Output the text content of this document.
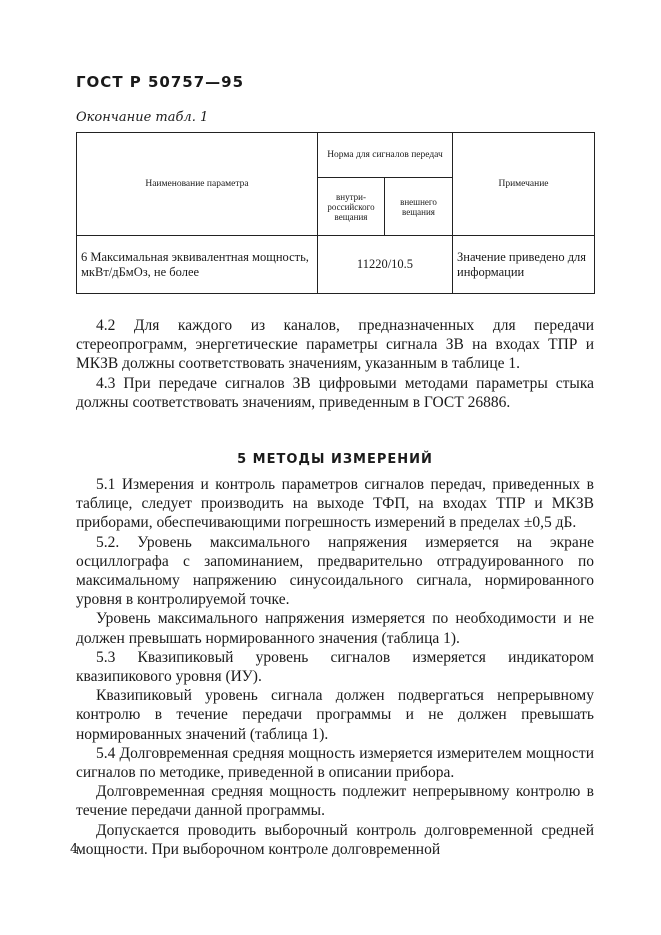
ГОСТ Р 50757—95
Окончание табл. 1
Наименование параметра	Норма для сигналов передач		Примечание
	внутри-российского вещания	внешнего вещания	
6 Максимальная эквивалентная мощность, мкВт/дБмОз, не более	11220/10.5		Значение приведено для информации

4.2 Для каждого из каналов, предназначенных для передачи стереопрограмм, энергетические параметры сигнала ЗВ на входах ТПР и МКЗВ должны соответствовать значениям, указанным в таблице 1.

4.3 При передаче сигналов ЗВ цифровыми методами параметры стыка должны соответствовать значениям, приведенным в ГОСТ 26886.

5 МЕТОДЫ ИЗМЕРЕНИЙ

5.1 Измерения и контроль параметров сигналов передач, приведенных в таблице, следует производить на выходе ТФП, на входах ТПР и МКЗВ приборами, обеспечивающими погрешность измерений в пределах ±0,5 дБ.

5.2. Уровень максимального напряжения измеряется на экране осциллографа с запоминанием, предварительно отградуированного по максимальному напряжению синусоидального сигнала, нормированного уровня в контролируемой точке.

Уровень максимального напряжения измеряется по необходимости и не должен превышать нормированного значения (таблица 1).

5.3 Квазипиковый уровень сигналов измеряется индикатором квазипикового уровня (ИУ).

Квазипиковый уровень сигнала должен подвергаться непрерывному контролю в течение передачи программы и не должен превышать нормированных значений (таблица 1).

5.4 Долговременная средняя мощность измеряется измерителем мощности сигналов по методике, приведенной в описании прибора.

Долговременная средняя мощность подлежит непрерывному контролю в течение передачи данной программы.

Допускается проводить выборочный контроль долговременной средней мощности. При выборочном контроле долговременной

4
